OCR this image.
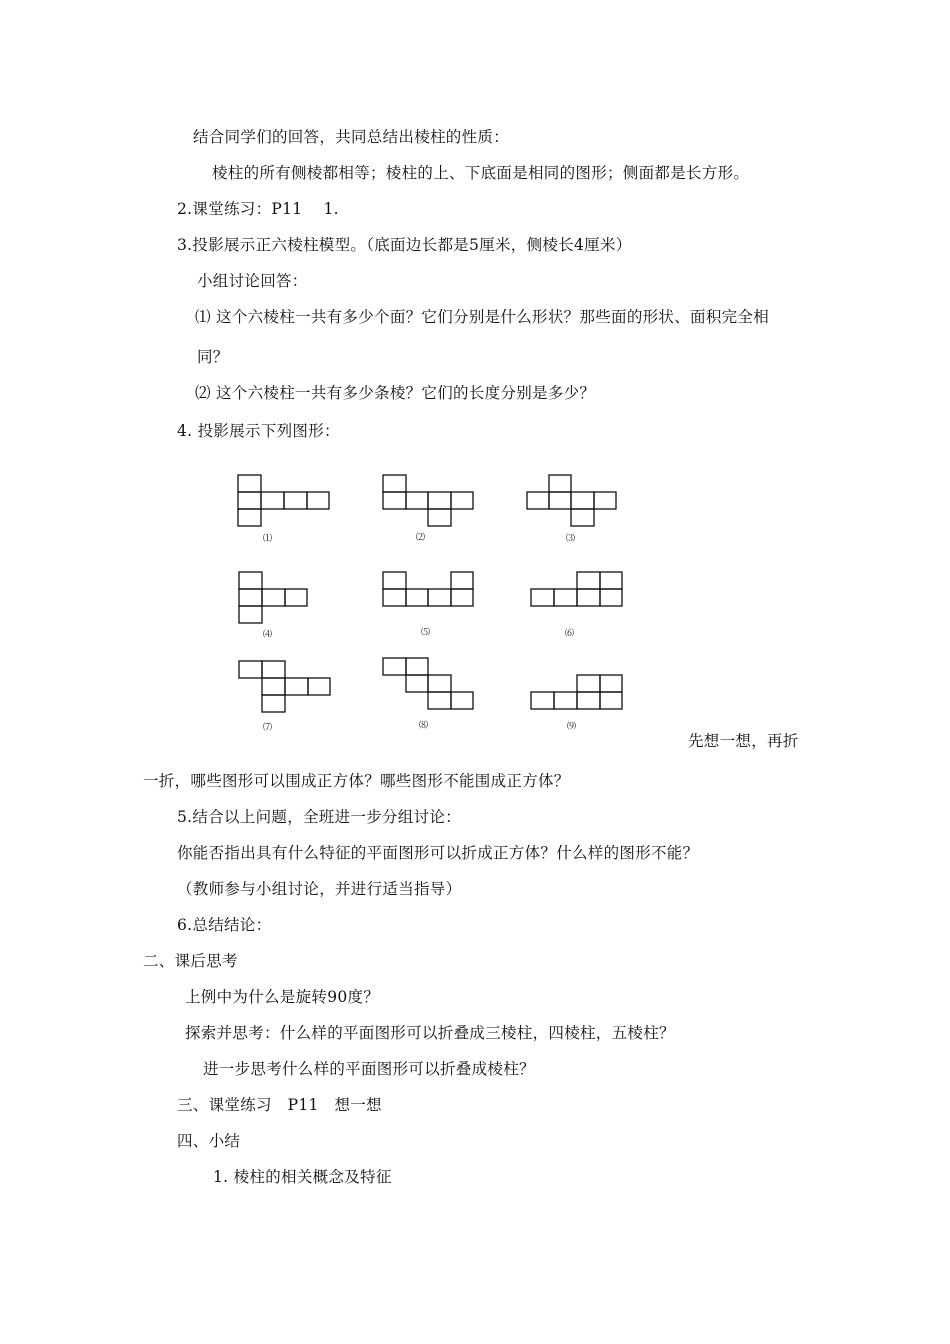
结合同学们的回答，共同总结出棱柱的性质：
棱柱的所有侧棱都相等；棱柱的上、下底面是相同的图形；侧面都是长方形。
2.课堂练习：P11　 1.
3.投影展示正六棱柱模型。（底面边长都是5厘米，侧棱长4厘米）
小组讨论回答：
⑴ 这个六棱柱一共有多少个面？它们分别是什么形状？那些面的形状、面积完全相
同？
⑵ 这个六棱柱一共有多少条棱？它们的长度分别是多少？
4. 投影展示下列图形：
⑴	⑵	⑶
⑷	⑸	⑹
⑺	⑻	⑼
先想一想，再折
一折，哪些图形可以围成正方体？哪些图形不能围成正方体？
5.结合以上问题，全班进一步分组讨论：
你能否指出具有什么特征的平面图形可以折成正方体？什么样的图形不能？
（教师参与小组讨论，并进行适当指导）
6.总结结论：
二、课后思考
上例中为什么是旋转90度？
探索并思考：什么样的平面图形可以折叠成三棱柱，四棱柱，五棱柱？
进一步思考什么样的平面图形可以折叠成棱柱？
三、课堂练习　P11　想一想
四、小结
1. 棱柱的相关概念及特征
